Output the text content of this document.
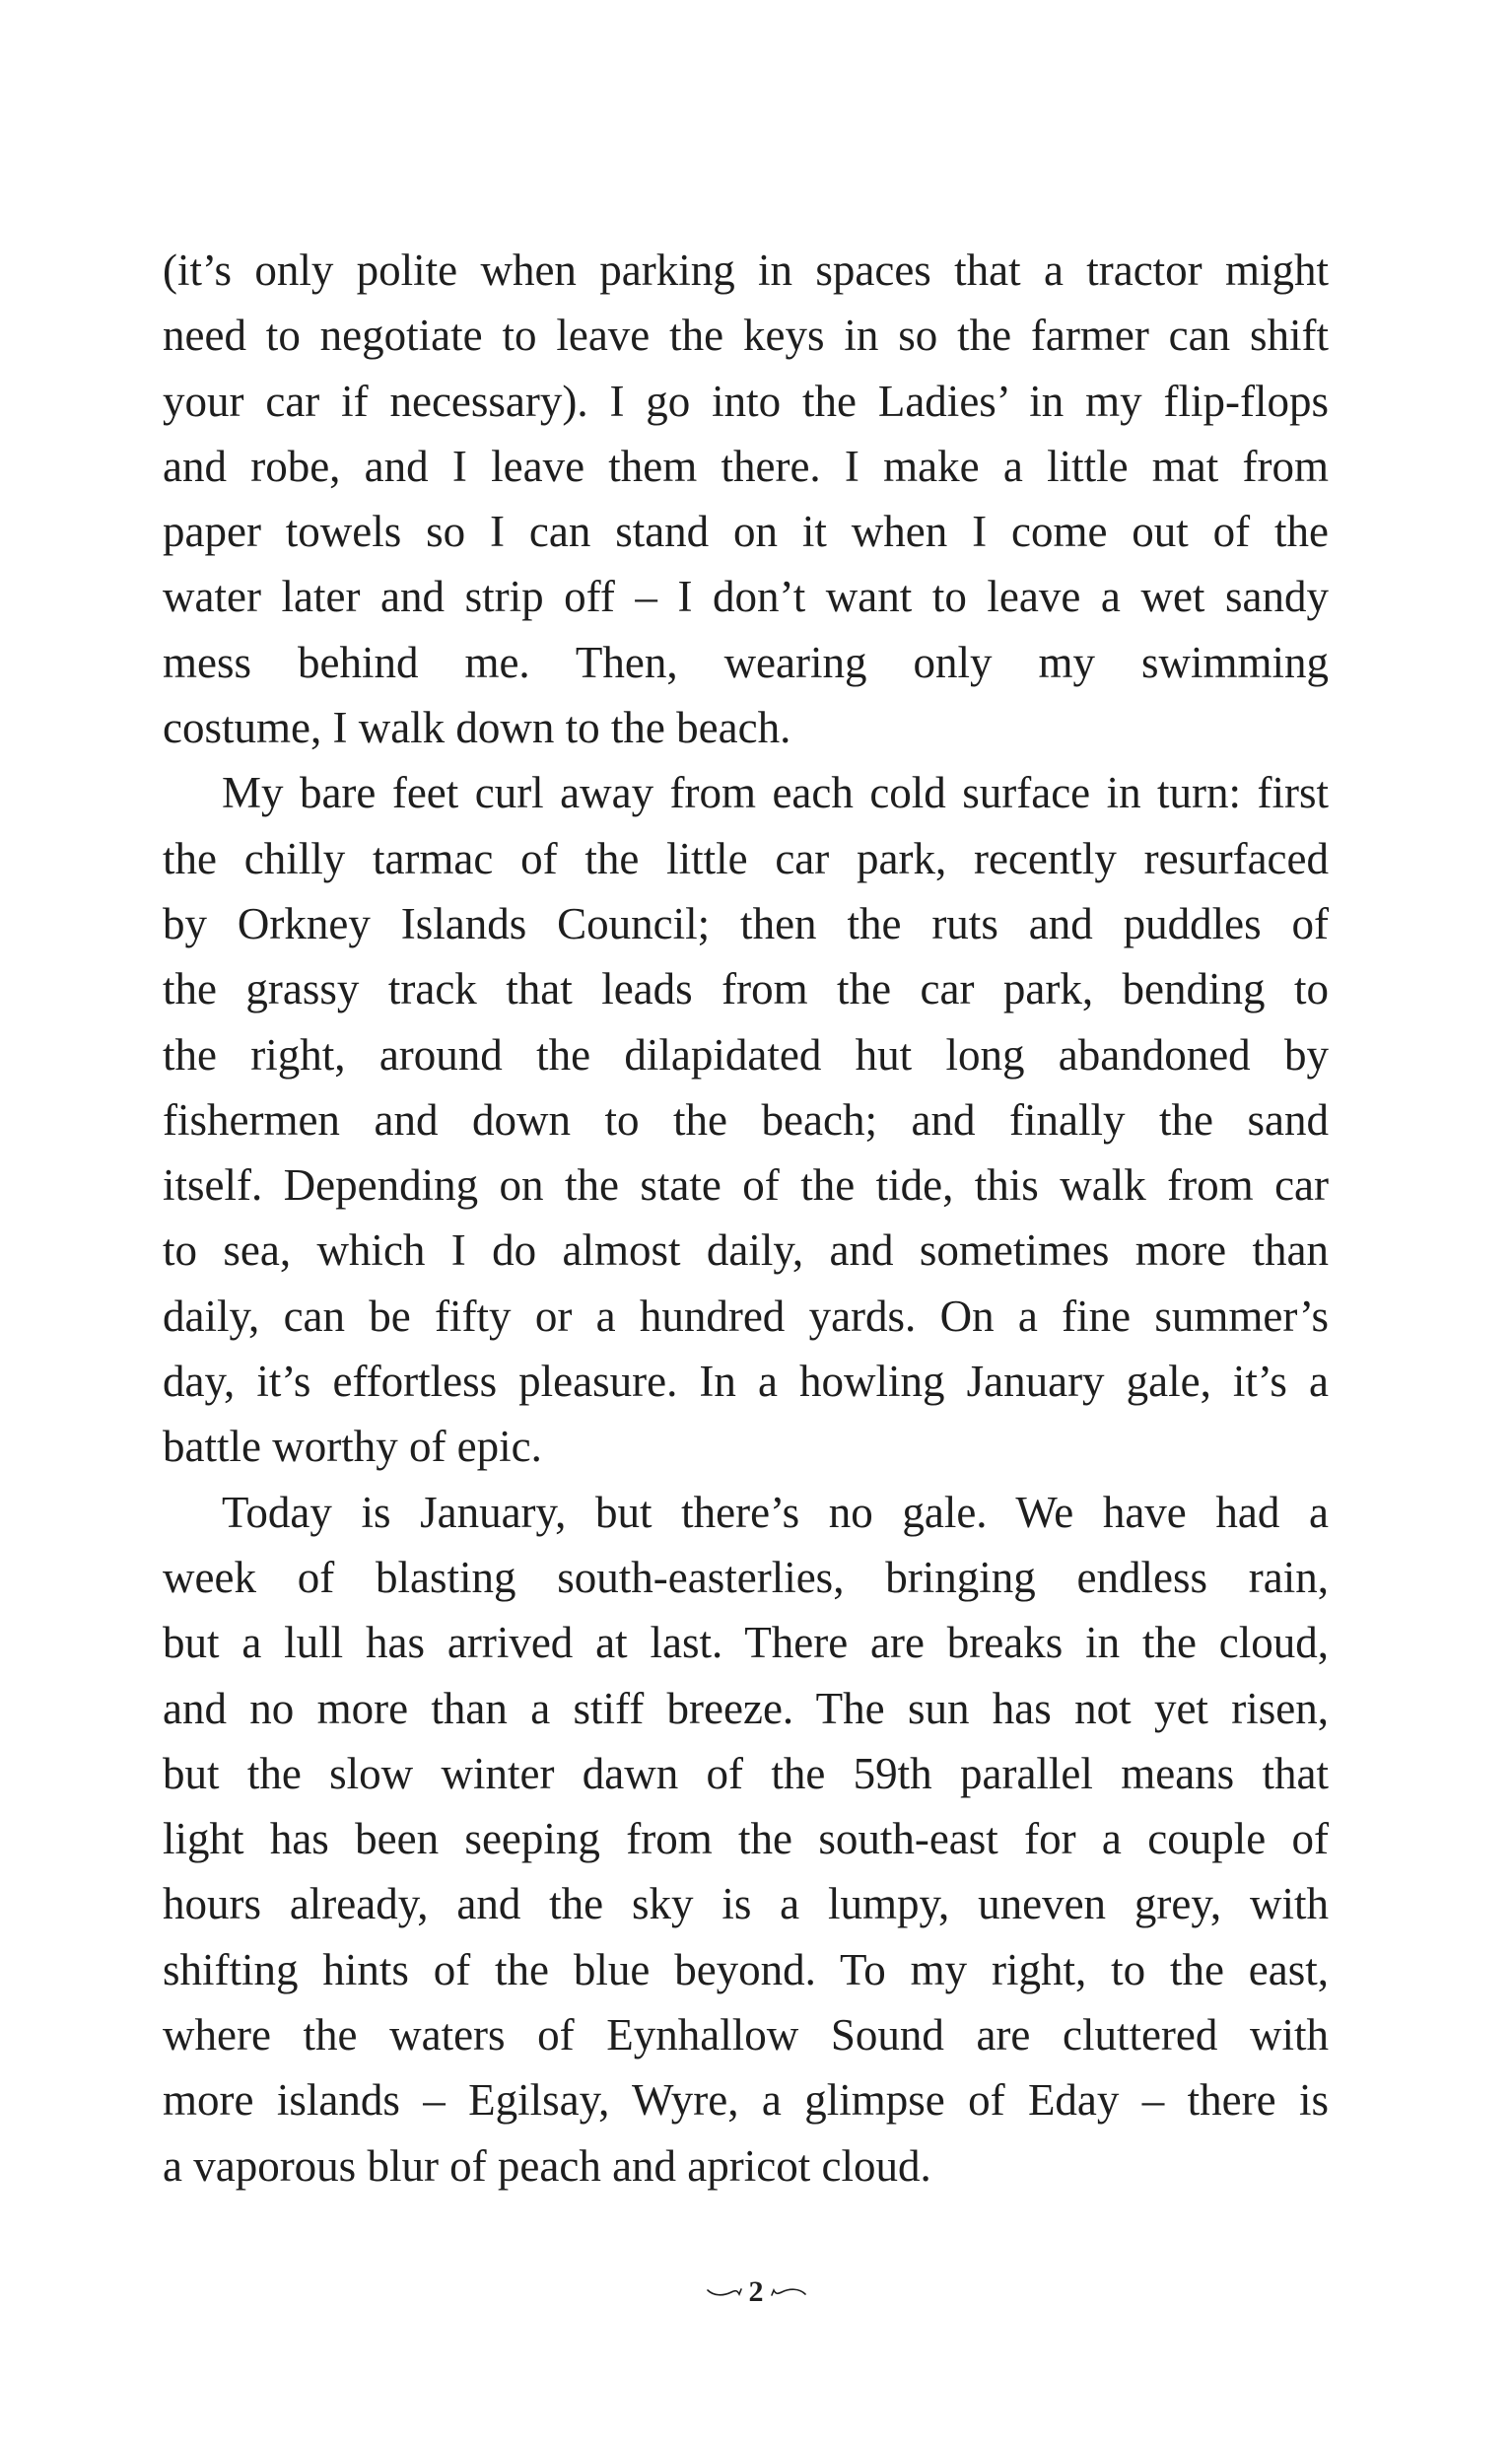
(it’s only polite when parking in spaces that a tractor might
need to negotiate to leave the keys in so the farmer can shift
your car if necessary). I go into the Ladies’ in my flip-flops
and robe, and I leave them there. I make a little mat from
paper towels so I can stand on it when I come out of the
water later and strip off – I don’t want to leave a wet sandy
mess behind me. Then, wearing only my swimming
costume, I walk down to the beach.
My bare feet curl away from each cold surface in turn: first
the chilly tarmac of the little car park, recently resurfaced
by Orkney Islands Council; then the ruts and puddles of
the grassy track that leads from the car park, bending to
the right, around the dilapidated hut long abandoned by
fishermen and down to the beach; and finally the sand
itself. Depending on the state of the tide, this walk from car
to sea, which I do almost daily, and sometimes more than
daily, can be fifty or a hundred yards. On a fine summer’s
day, it’s effortless pleasure. In a howling January gale, it’s a
battle worthy of epic.
Today is January, but there’s no gale. We have had a
week of blasting south-easterlies, bringing endless rain,
but a lull has arrived at last. There are breaks in the cloud,
and no more than a stiff breeze. The sun has not yet risen,
but the slow winter dawn of the 59th parallel means that
light has been seeping from the south-east for a couple of
hours already, and the sky is a lumpy, uneven grey, with
shifting hints of the blue beyond. To my right, to the east,
where the waters of Eynhallow Sound are cluttered with
more islands – Egilsay, Wyre, a glimpse of Eday – there is
a vaporous blur of peach and apricot cloud.
2
